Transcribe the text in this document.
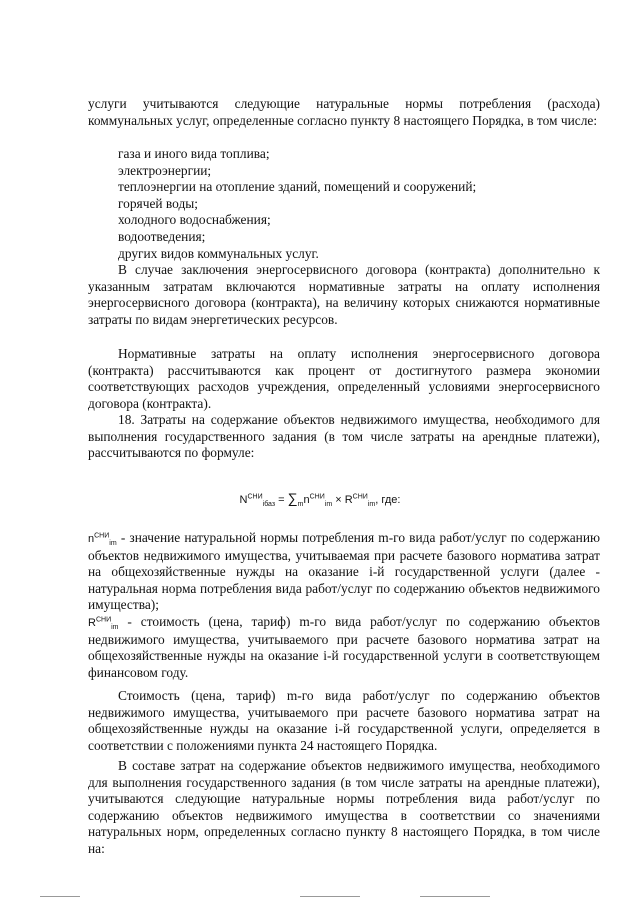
услуги учитываются следующие натуральные нормы потребления (расхода) коммунальных услуг, определенные согласно пункту 8 настоящего Порядка, в том числе:

газа и иного вида топлива;
электроэнергии;
теплоэнергии на отопление зданий, помещений и сооружений;
горячей воды;
холодного водоснабжения;
водоотведения;
других видов коммунальных услуг.

В случае заключения энергосервисного договора (контракта) дополнительно к указанным затратам включаются нормативные затраты на оплату исполнения энергосервисного договора (контракта), на величину которых снижаются нормативные затраты по видам энергетических ресурсов.

Нормативные затраты на оплату исполнения энергосервисного договора (контракта) рассчитываются как процент от достигнутого размера экономии соответствующих расходов учреждения, определенный условиями энергосервисного договора (контракта).

18. Затраты на содержание объектов недвижимого имущества, необходимого для выполнения государственного задания (в том числе затраты на арендные платежи), рассчитываются по формуле:

$N^{СНИ}_{iбаз} = \sum_mn^{СНИ}_{im} \times R^{СНИ}_{im}$, где:

$n^{СНИ}_{im}$ - значение натуральной нормы потребления m-го вида работ/услуг по содержанию объектов недвижимого имущества, учитываемая при расчете базового норматива затрат на общехозяйственные нужды на оказание i-й государственной услуги (далее - натуральная норма потребления вида работ/услуг по содержанию объектов недвижимого имущества);

$R^{СНИ}_{im}$ - стоимость (цена, тариф) m-го вида работ/услуг по содержанию объектов недвижимого имущества, учитываемого при расчете базового норматива затрат на общехозяйственные нужды на оказание i-й государственной услуги в соответствующем финансовом году.

Стоимость (цена, тариф) m-го вида работ/услуг по содержанию объектов недвижимого имущества, учитываемого при расчете базового норматива затрат на общехозяйственные нужды на оказание i-й государственной услуги, определяется в соответствии с положениями пункта 24 настоящего Порядка.

В составе затрат на содержание объектов недвижимого имущества, необходимого для выполнения государственного задания (в том числе затраты на арендные платежи), учитываются следующие натуральные нормы потребления вида работ/услуг по содержанию объектов недвижимого имущества в соответствии со значениями натуральных норм, определенных согласно пункту 8 настоящего Порядка, в том числе на:
